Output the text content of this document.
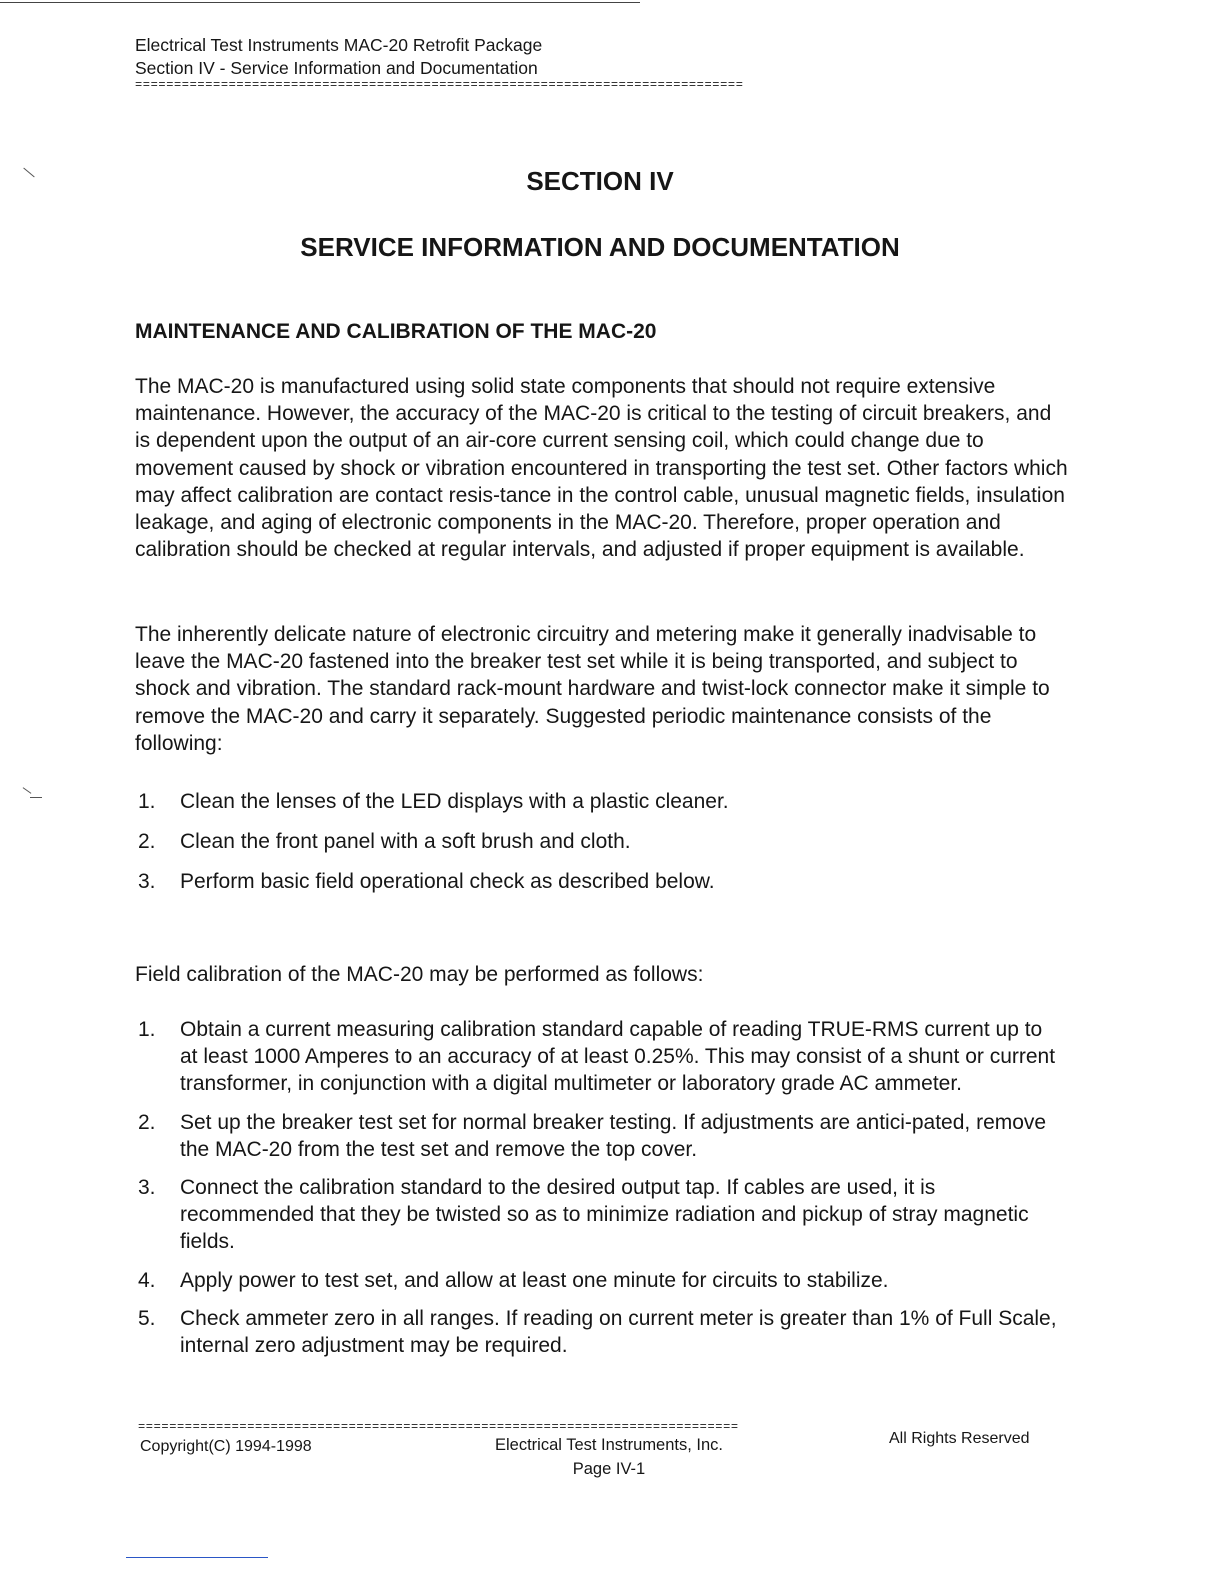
Electrical Test Instruments MAC-20 Retrofit Package
Section IV - Service Information and Documentation
==============================================================================
SECTION IV
SERVICE INFORMATION AND DOCUMENTATION
MAINTENANCE AND CALIBRATION OF THE MAC-20
The MAC-20 is manufactured using solid state components that should not require extensive maintenance. However, the accuracy of the MAC-20 is critical to the testing of circuit breakers, and is dependent upon the output of an air-core current sensing coil, which could change due to movement caused by shock or vibration encountered in transporting the test set. Other factors which may affect calibration are contact resis-tance in the control cable, unusual magnetic fields, insulation leakage, and aging of electronic components in the MAC-20. Therefore, proper operation and calibration should be checked at regular intervals, and adjusted if proper equipment is available.
The inherently delicate nature of electronic circuitry and metering make it generally inadvisable to leave the MAC-20 fastened into the breaker test set while it is being transported, and subject to shock and vibration. The standard rack-mount hardware and twist-lock connector make it simple to remove the MAC-20 and carry it separately. Suggested periodic maintenance consists of the following:
1. Clean the lenses of the LED displays with a plastic cleaner.
2. Clean the front panel with a soft brush and cloth.
3. Perform basic field operational check as described below.
Field calibration of the MAC-20 may be performed as follows:
1. Obtain a current measuring calibration standard capable of reading TRUE-RMS current up to at least 1000 Amperes to an accuracy of at least 0.25%. This may consist of a shunt or current transformer, in conjunction with a digital multimeter or laboratory grade AC ammeter.
2. Set up the breaker test set for normal breaker testing. If adjustments are antici-pated, remove the MAC-20 from the test set and remove the top cover.
3. Connect the calibration standard to the desired output tap. If cables are used, it is recommended that they be twisted so as to minimize radiation and pickup of stray magnetic fields.
4. Apply power to test set, and allow at least one minute for circuits to stabilize.
5. Check ammeter zero in all ranges. If reading on current meter is greater than 1% of Full Scale, internal zero adjustment may be required.
=============================================================================
Copyright(C) 1994-1998	Electrical Test Instruments, Inc.
Page IV-1
All Rights Reserved
